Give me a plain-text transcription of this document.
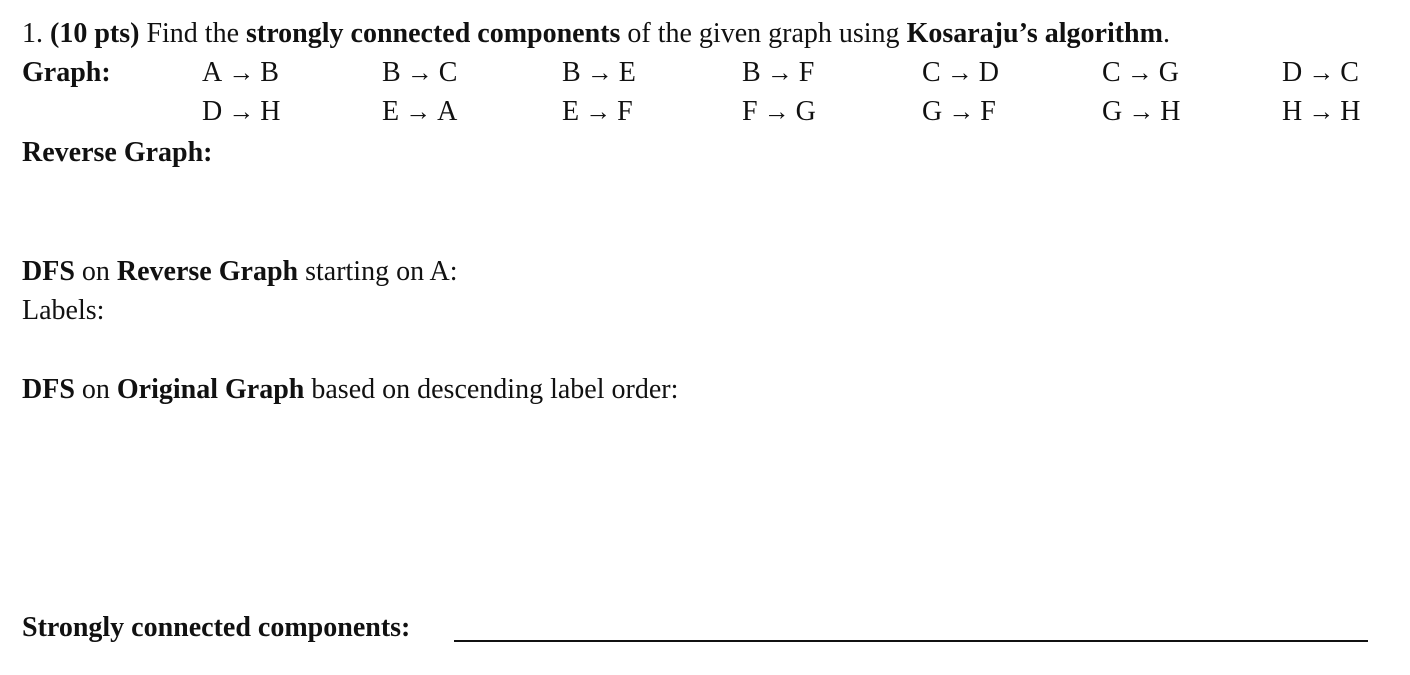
1. (10 pts) Find the strongly connected components of the given graph using Kosaraju’s algorithm.
Graph:	A → B	B → C	B → E	B → F	C → D	C → G	D → C
D → H	E → A	E → F	F → G	G → F	G → H	H → H
Reverse Graph:
DFS on Reverse Graph starting on A:
Labels:
DFS on Original Graph based on descending label order:
Strongly connected components:
